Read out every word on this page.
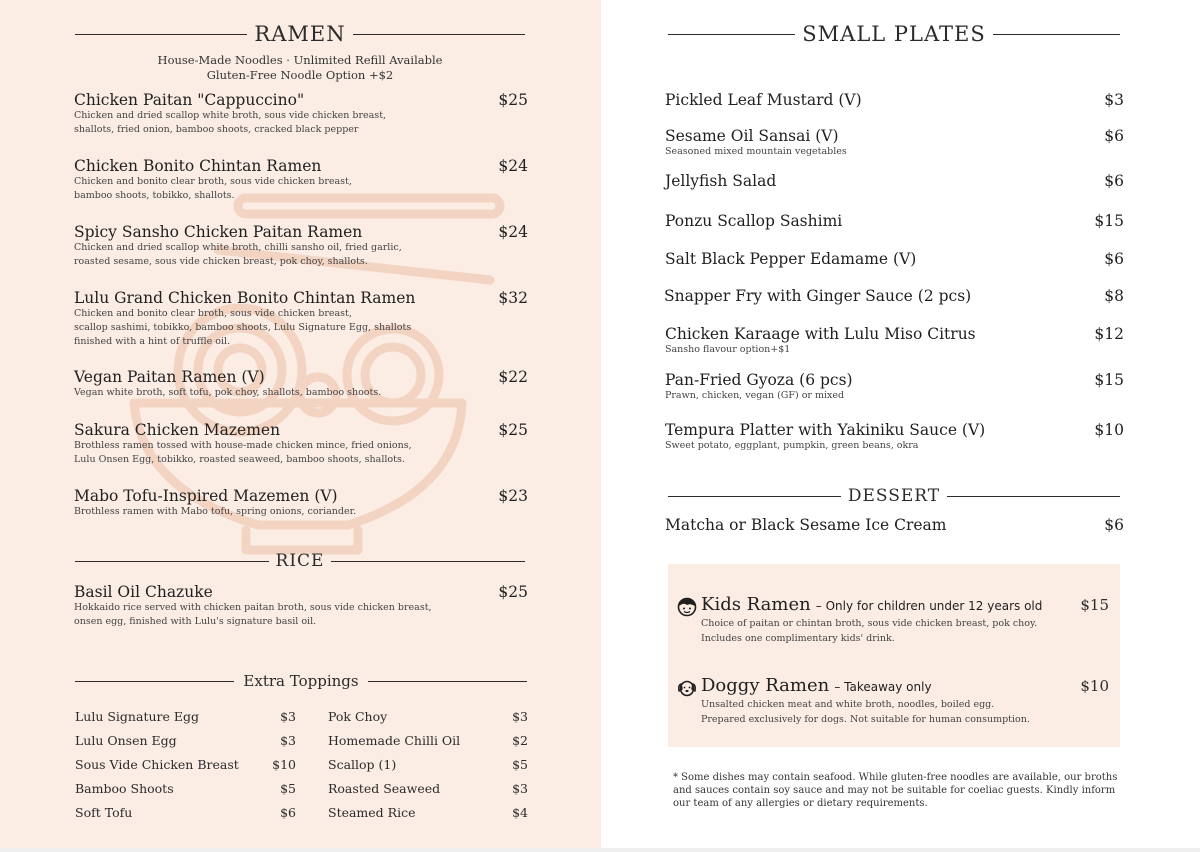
RAMEN
House-Made Noodles · Unlimited Refill Available
Gluten-Free Noodle Option +$2
Chicken Paitan "Cappuccino"
Chicken and dried scallop white broth, sous vide chicken breast,
shallots, fried onion, bamboo shoots, cracked black pepper
$25
Chicken Bonito Chintan Ramen
Chicken and bonito clear broth, sous vide chicken breast,
bamboo shoots, tobikko, shallots.
$24
Spicy Sansho Chicken Paitan Ramen
Chicken and dried scallop white broth, chilli sansho oil, fried garlic,
roasted sesame, sous vide chicken breast, pok choy, shallots.
$24
Lulu Grand Chicken Bonito Chintan Ramen
Chicken and bonito clear broth, sous vide chicken breast,
scallop sashimi, tobikko, bamboo shoots, Lulu Signature Egg, shallots
finished with a hint of truffle oil.
$32
Vegan Paitan Ramen (V)
Vegan white broth, soft tofu, pok choy, shallots, bamboo shoots.
$22
Sakura Chicken Mazemen
Brothless ramen tossed with house-made chicken mince, fried onions,
Lulu Onsen Egg, tobikko, roasted seaweed, bamboo shoots, shallots.
$25
Mabo Tofu-Inspired Mazemen (V)
Brothless ramen with Mabo tofu, spring onions, coriander.
$23
RICE
Basil Oil Chazuke
Hokkaido rice served with chicken paitan broth, sous vide chicken breast,
onsen egg, finished with Lulu's signature basil oil.
$25
Extra Toppings
Lulu Signature Egg	$3
Lulu Onsen Egg	$3
Sous Vide Chicken Breast	$10
Bamboo Shoots	$5
Soft Tofu	$6
Pok Choy	$3
Homemade Chilli Oil	$2
Scallop (1)	$5
Roasted Seaweed	$3
Steamed Rice	$4
SMALL PLATES
Pickled Leaf Mustard (V)	$3
Sesame Oil Sansai (V)
Seasoned mixed mountain vegetables
$6
Jellyfish Salad	$6
Ponzu Scallop Sashimi	$15
Salt Black Pepper Edamame (V)	$6
Snapper Fry with Ginger Sauce (2 pcs)	$8
Chicken Karaage with Lulu Miso Citrus
Sansho flavour option+$1
$12
Pan-Fried Gyoza (6 pcs)
Prawn, chicken, vegan (GF) or mixed
$15
Tempura Platter with Yakiniku Sauce (V)
Sweet potato, eggplant, pumpkin, green beans, okra
$10
DESSERT
Matcha or Black Sesame Ice Cream	$6
Kids Ramen – Only for children under 12 years old
Choice of paitan or chintan broth, sous vide chicken breast, pok choy.
Includes one complimentary kids' drink.
$15
Doggy Ramen – Takeaway only
Unsalted chicken meat and white broth, noodles, boiled egg.
Prepared exclusively for dogs. Not suitable for human consumption.
$10
* Some dishes may contain seafood. While gluten-free noodles are available, our broths and sauces contain soy sauce and may not be suitable for coeliac guests. Kindly inform our team of any allergies or dietary requirements.
